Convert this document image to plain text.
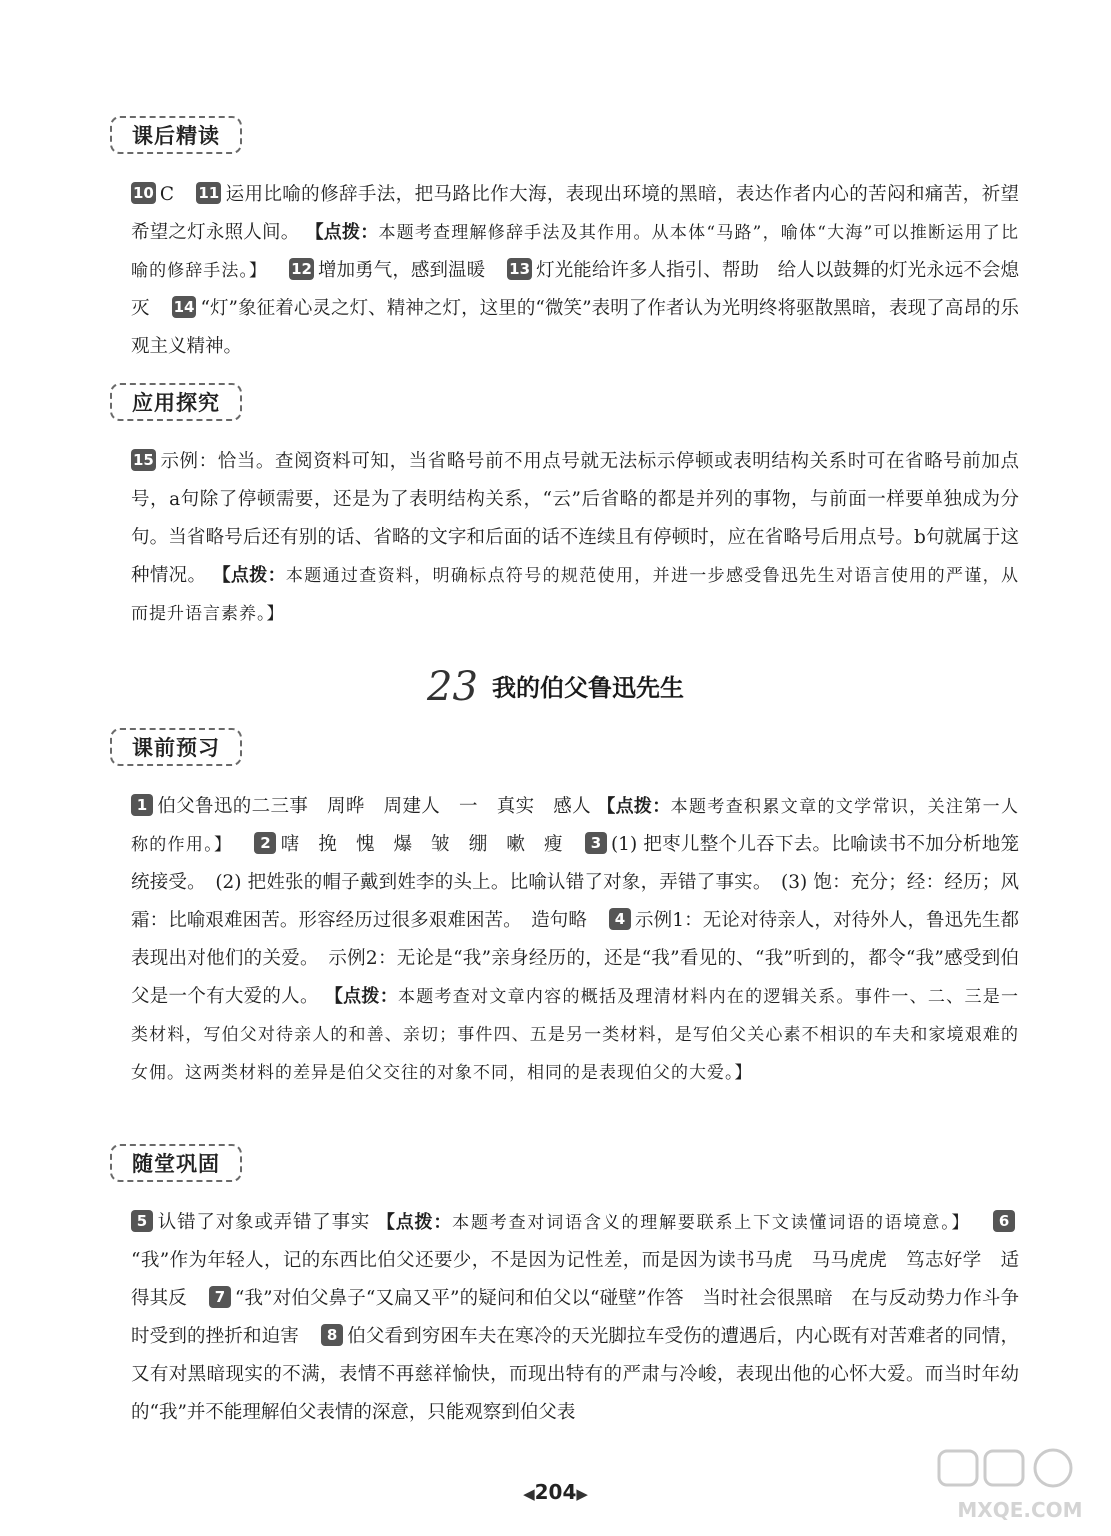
课后精读
10 C 11 运用比喻的修辞手法，把马路比作大海，表现出环境的黑暗，表达作者内心的苦闷和痛苦，祈望希望之灯永照人间。 【点拨：本题考查理解修辞手法及其作用。从本体“马路”，喻体“大海”可以推断运用了比喻的修辞手法。】 12 增加勇气，感到温暖 13 灯光能给许多人指引、帮助　给人以鼓舞的灯光永远不会熄灭 14 “灯”象征着心灵之灯、精神之灯，这里的“微笑”表明了作者认为光明终将驱散黑暗，表现了高昂的乐观主义精神。
应用探究
15 示例：恰当。查阅资料可知，当省略号前不用点号就无法标示停顿或表明结构关系时可在省略号前加点号，a句除了停顿需要，还是为了表明结构关系，“云”后省略的都是并列的事物，与前面一样要单独成为分句。当省略号后还有别的话、省略的文字和后面的话不连续且有停顿时，应在省略号后用点号。b句就属于这种情况。 【点拨：本题通过查资料，明确标点符号的规范使用，并进一步感受鲁迅先生对语言使用的严谨，从而提升语言素养。】
23 我的伯父鲁迅先生
课前预习
1 伯父鲁迅的二三事　周晔　周建人　一　真实　感人 【点拨：本题考查积累文章的文学常识，关注第一人称的作用。】 2 嗐　挽　愧　爆　皱　绷　嗽　瘦 3 (1) 把枣儿整个儿吞下去。比喻读书不加分析地笼统接受。　(2) 把姓张的帽子戴到姓李的头上。比喻认错了对象，弄错了事实。　(3) 饱：充分；经：经历；风霜：比喻艰难困苦。形容经历过很多艰难困苦。　造句略 4 示例1：无论对待亲人，对待外人，鲁迅先生都表现出对他们的关爱。　示例2：无论是“我”亲身经历的，还是“我”看见的、“我”听到的，都令“我”感受到伯父是一个有大爱的人。 【点拨：本题考查对文章内容的概括及理清材料内在的逻辑关系。事件一、二、三是一类材料，写伯父对待亲人的和善、亲切；事件四、五是另一类材料，是写伯父关心素不相识的车夫和家境艰难的女佣。这两类材料的差异是伯父交往的对象不同，相同的是表现伯父的大爱。】
随堂巩固
5 认错了对象或弄错了事实 【点拨：本题考查对词语含义的理解要联系上下文读懂词语的语境意。】 6“我”作为年轻人，记的东西比伯父还要少，不是因为记性差，而是因为读书马虎　马马虎虎　笃志好学　适得其反 7 “我”对伯父鼻子“又扁又平”的疑问和伯父以“碰壁”作答　当时社会很黑暗　在与反动势力作斗争时受到的挫折和迫害 8 伯父看到穷困车夫在寒冷的天光脚拉车受伤的遭遇后，内心既有对苦难者的同情，又有对黑暗现实的不满，表情不再慈祥愉快，而现出特有的严肃与冷峻，表现出他的心怀大爱。而当时年幼的“我”并不能理解伯父表情的深意，只能观察到伯父表
◀204▶
MXQE.COM
